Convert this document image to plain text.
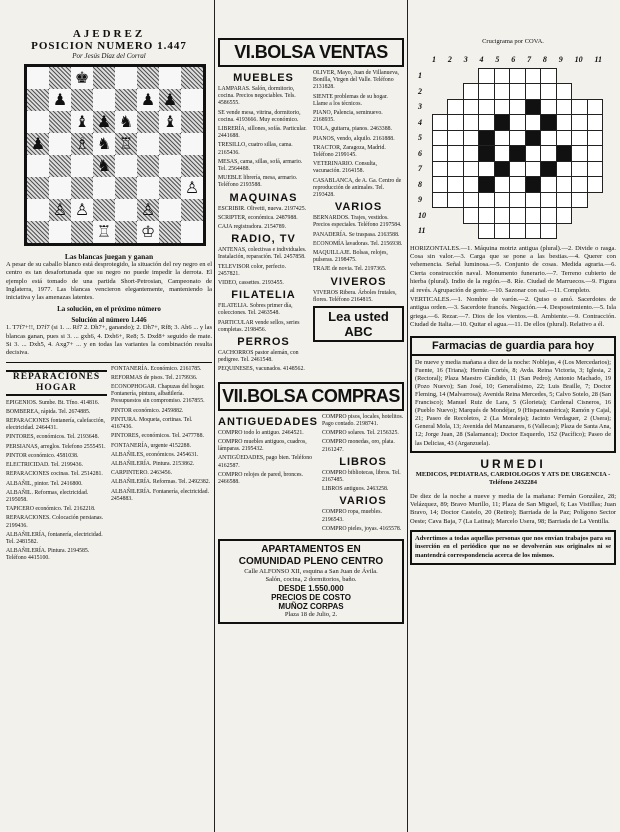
AJEDREZ
POSICION NUMERO 1.447
Por Jesús Díaz del Corral
♚
♟	♟ ♟
♝ ♟ ♞ ♝
♟ ♗ ♞ ♖
♞
♙
♙ ♙	♙
♖ ♔
Las blancas juegan y ganan
A pesar de su caballo blanco está desprotegido, la situación del rey negro en el centro es tan desafortunada que su negro no puede impedir la derrota. El ejemplo está tomado de una partida Short-Petrosian, Campeonato de Inglaterra, 1977. Las blancas vencieron elegantemente, manteniendo la iniciativa y las amenazas latentes.
La solución, en el próximo número
Solución al número 1.446
1. T7f7+!!, D7f7 (si 1. ... Rf7 2. Dh7+, ganando); 2. Dh7+, Rf8; 3. Ah6 ... y las blancas ganan, pues si 3. ... gxh6, 4. Dxh6+, Re8; 5. Dxd8+ seguido de mate. Si 3. ... Dxh5, 4. Axg7+ ... y en todas las variantes la combinación resulta decisiva.
REPARACIONES HOGAR
EPIGENIOS. Sumbe. Bt. Tfno. 414816.
BOMBEREA, rápida. Tel. 2674885.
REPARACIONES fontanería, calefacción, electricidad. 2464431.
PINTORES, económicos. Tel. 2193648.
PERSIANAS, arreglos. Telefono 2555451.
PINTOR económico. 4581038.
ELECTRICIDAD. Tel. 2199436.
REPARACIONES cocinas. Tel. 2514281.
ALBAÑIL, pintor. Tel. 2416800.
ALBAÑIL. Reformas, electricidad. 2195058.
TAPICERO económico. Tel. 2162218.
REPARACIONES. Colocación persianas. 2199436.
ALBAÑILERÍA, fontanería, electricidad. Tel. 2481582.
ALBAÑILERÍA. Pintura. 2194585. Teléfono 4415100.
FONTANERÍA. Económico. 2161785.
REFORMAS de pisos. Tel. 2179936.
ECONOPHOGAR. Chapuzas del hogar. Fontanería, pintura, albañilería. Presupuestos sin compromiso. 2167855.
PINTOR económico. 2459882.
PINTURA. Moqueta, cortinas. Tel. 4167436.
PINTORES, económicos. Tel. 2477788.
FONTANERÍA, urgente 4152288.
ALBAÑILES, económicos. 2454631.
ALBAÑILERÍA. Pintura. 2153862.
CARPINTERO. 2463456.
ALBAÑILERÍA. Reformas. Tel. 2492382.
ALBAÑILERÍA. Fontanería, electricidad. 2454883.
VI.BOLSA VENTAS
MUEBLES
LAMPARAS. Salón, dormitorio, cocina. Precios negociables. Tels. 4586555.
SE vende mesa, vitrina, dormitorio, cocina. 4193666. Muy económico.
LIBRERÍA, sillones, sofás. Particular. 2441688.
TRESILLO, cuatro sillas, cama. 2165436.
MESAS, cama, sillas, sofá, armario. Tel. 2564488.
MUEBLE librería, mesa, armario. Teléfono 2193588.
MAQUINAS
ESCRIBIR. Olivetti, nueva. 2197425.
SCRIPTER, económica. 2487988.
CAJA registradora. 2154789.
RADIO, TV
ANTENAS, colectivas e individuales. Instalación, reparación. Tel. 2457858.
TELEVISOR color, perfecto. 2457821.
VIDEO, cassettes. 2193455.
FILATELIA
FILATELIA. Sobres primer día, colecciones. Tel. 2463548.
PARTICULAR vende sellos, series completas. 2198456.
PERROS
CACHORROS pastor alemán, con pedigree. Tel. 2461548.
PEQUINESES, vacunados. 4148562.
OLIVER, Mayo, Juan de Villanueva, Bonilla, Virgen del Valle. Teléfono 2131828.
SIENTE problemas de su hogar. Llame a los técnicos.
PIANO, Palencia, seminuevo. 2168935.
TOLA, guitarra, pianos. 2463388.
PIANOS, vendo, alquilo. 2161888.
TRACTOR, Zaragoza, Madrid. Teléfono 2199145.
VETERINARIO. Consulta, vacunación. 2164158.
CASABLANCA, de A. Ga. Centro de reproducción de animales. Tel. 2193428.
VARIOS
BERNARDOS. Trajes, vestidos. Precios especiales. Teléfono 2197584.
PANADERÍA. Se traspasa. 2163588.
ECONOMÍA lavadoras. Tel. 2156938.
MAQUILLAJE. Bolsas, relojes, pulseras. 2198475.
TRAJE de novia. Tel. 2197365.
VIVEROS
VIVEROS Ribera. Árboles frutales, flores. Teléfono 2164815.
Lea usted ABC
VII.BOLSA COMPRAS
ANTIGUEDADES
COMPRO todo lo antiguo. 2464521.
COMPRO muebles antiguos, cuadros, lámparas. 2195432.
ANTIGÜEDADES, pago bien. Teléfono 4162587.
COMPRO relojes de pared, bronces. 2466588.
COMPRO pisos, locales, hotelitos. Pago contado. 2198741.
COMPRO solares. Tel. 2156325.
COMPRO monedas, oro, plata. 2161247.
LIBROS
COMPRO bibliotecas, libros. Tel. 2167485.
LIBROS antiguos. 2463258.
VARIOS
COMPRO ropa, muebles. 2196543.
COMPRO pieles, joyas. 4165578.
APARTAMENTOS EN
COMUNIDAD PLENO CENTRO
Calle ALFONSO XII, esquina a San Juan de Ávila.
Salón, cocina, 2 dormitorios, baño.
DESDE 1.550.000
PRECIOS DE COSTO
MUÑOZ CORPAS
Plaza 18 de Julio, 2.
Crucigrama por COVA.
1 2 3 4 5 6 7 8 9 10 11
1
2
3
4
5
6
7
8
9
10
11
HORIZONTALES.—1. Máquina motriz antigua (plural).—2. Divide o rasga. Cosa sin valor.—3. Carga que se pone a las bestias.—4. Querer con vehemencia. Señal luminosa.—5. Conjunto de cosas. Medida agraria.—6. Cierta construcción naval. Monumento funerario.—7. Terreno cubierto de hierba (plural). Indio de la región.—8. Ríe. Ciudad de Marruecos.—9. Figura al revés. Agrupación de gente.—10. Sazonar con sal.—11. Completo.
VERTICALES.—1. Nombre de varón.—2. Quiso o amó. Sacerdotes de antigua orden.—3. Sacerdote francés. Negación.—4. Desposeimiento.—5. Isla griega.—6. Rezar.—7. Dios de los vientos.—8. Ambiente.—9. Contracción. Ciudad de Italia.—10. Quitar el agua.—11. De ellos (plural). Relativo a él.
Farmacias de guardia para hoy
De nueve y media mañana a diez de la noche: Noblejas, 4 (Los Mercedarios); Fuente, 16 (Triana); Hernán Cortés, 8; Avda. Reina Victoria, 3; Iglesia, 2 (Rectoral); Plaza Maestro Cándido, 11 (San Pedro); Antonio Machado, 19 (Pozo Nuevo); San José, 10; Generalísimo, 22; Luis Braille, 7; Doctor Fleming, 14 (Malvarrosa); Avenida Reina Mercedes, 5; Calvo Sotelo, 28 (San Francisco); Manuel Ruiz de Lara, 5 (Glorieta); Cardenal Cisneros, 16 (Pueblo Nuevo); Marqués de Mondéjar, 9 (Hispanoamérica); Ramón y Cajal, 21; Paseo de Recoletos, 2 (La Moraleja); Jacinto Verdaguer, 2 (Usera); General Mola, 13; Avenida del Manzanares, 6 (Vallecas); Plaza de Santa Ana, 12; Jorge Juan, 28 (Salamanca); Doctor Esquerdo, 152 (Pacífico); Paseo de las Delicias, 43 (Arganzuela).
URMEDI
MEDICOS, PEDIATRAS, CARDIOLOGOS Y ATS DE URGENCIA - Teléfono 2432284
De diez de la noche a nueve y media de la mañana: Fernán González, 28; Velázquez, 89; Bravo Murillo, 11; Plaza de San Miguel, 6; Las Vistillas; Juan Bravo, 14; Doctor Castelo, 20 (Retiro); Barriada de la Paz; Polígono Sector Oeste; Cava Baja, 7 (La Latina); Marcelo Usera, 98; Barriada de La Ventilla.
Advertimos a todas aquellas personas que nos envían trabajos para su inserción en el periódico que no se devolverán sus originales ni se mantendrá correspondencia acerca de los mismos.
